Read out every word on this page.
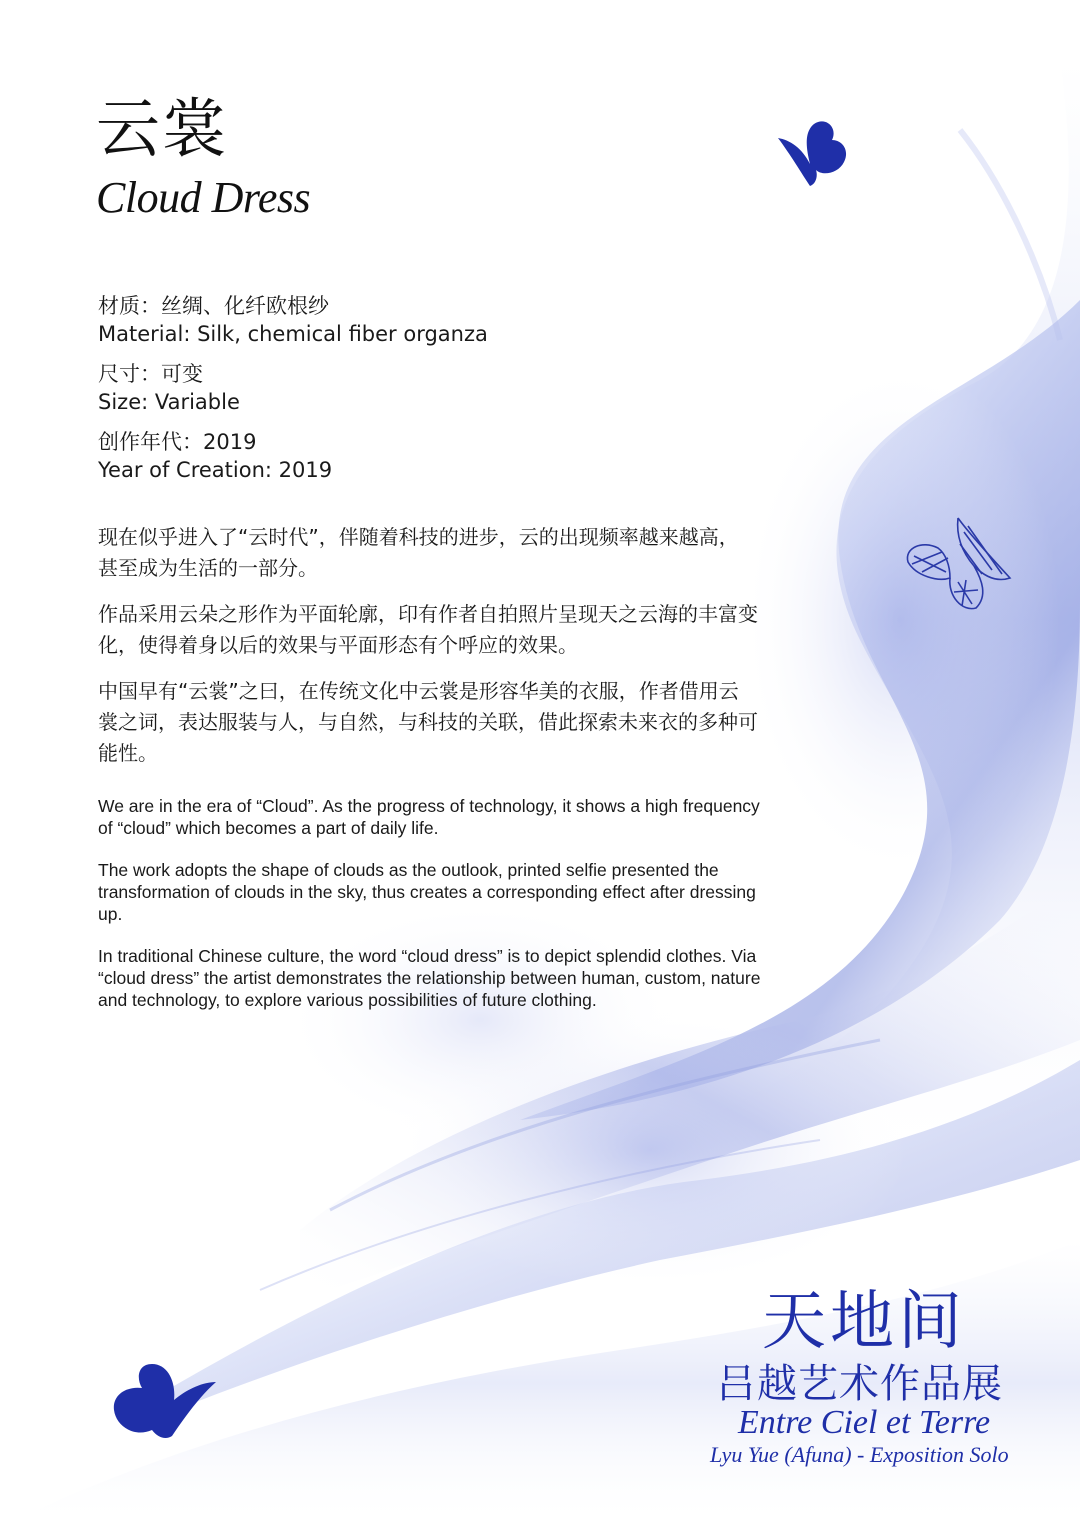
云裳
Cloud Dress
材质：丝绸、化纤欧根纱
Material: Silk, chemical fiber organza
尺寸：可变
Size: Variable
创作年代：2019
Year of Creation: 2019

现在似乎进入了“云时代”，伴随着科技的进步，云的出现频率越来越高，甚至成为生活的一部分。

作品采用云朵之形作为平面轮廓，印有作者自拍照片呈现天之云海的丰富变化，使得着身以后的效果与平面形态有个呼应的效果。

中国早有“云裳”之曰，在传统文化中云裳是形容华美的衣服，作者借用云裳之词，表达服装与人，与自然，与科技的关联，借此探索未来衣的多种可能性。

We are in the era of “Cloud”. As the progress of technology, it shows a high frequency of “cloud” which becomes a part of daily life.

The work adopts the shape of clouds as the outlook, printed selfie presented the transformation of clouds in the sky, thus creates a corresponding effect after dressing up.

In traditional Chinese culture, the word “cloud dress” is to depict splendid clothes. Via “cloud dress” the artist demonstrates the relationship between human, custom, nature and technology, to explore various possibilities of future clothing.

天地间
吕越艺术作品展
Entre Ciel et Terre
Lyu Yue (Afuna) - Exposition Solo
